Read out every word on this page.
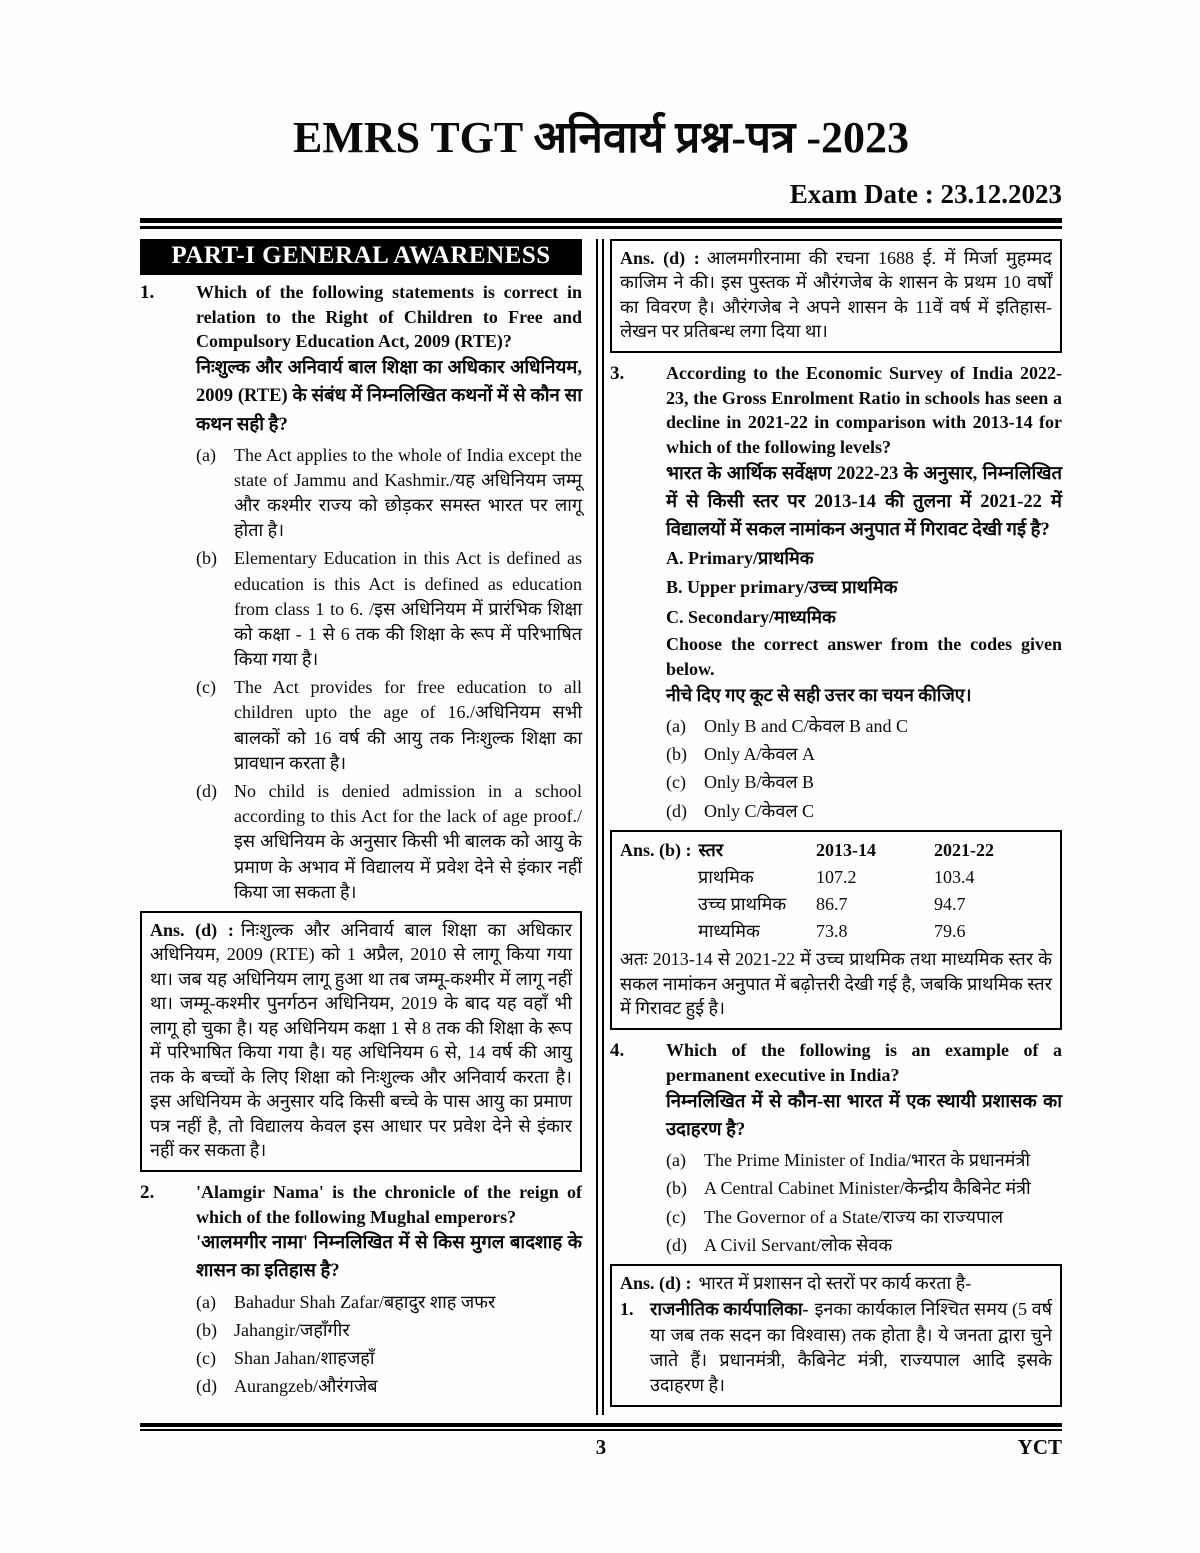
EMRS TGT अनिवार्य प्रश्न-पत्र -2023
Exam Date : 23.12.2023
PART-I GENERAL AWARENESS
1.	Which of the following statements is correct in relation to the Right of Children to Free and Compulsory Education Act, 2009 (RTE)?
निःशुल्क और अनिवार्य बाल शिक्षा का अधिकार अधिनियम, 2009 (RTE) के संबंध में निम्नलिखित कथनों में से कौन सा कथन सही है?
(a)	The Act applies to the whole of India except the state of Jammu and Kashmir./यह अधिनियम जम्मू और कश्मीर राज्य को छोड़कर समस्त भारत पर लागू होता है।
(b) Elementary Education in this Act is defined as education is this Act is defined as education from class 1 to 6. /इस अधिनियम में प्रारंभिक शिक्षा को कक्षा - 1 से 6 तक की शिक्षा के रूप में परिभाषित किया गया है।
(c)	The Act provides for free education to all children upto the age of 16./अधिनियम सभी बालकों को 16 वर्ष की आयु तक निःशुल्क शिक्षा का प्रावधान करता है।
(d) No child is denied admission in a school according to this Act for the lack of age proof./इस अधिनियम के अनुसार किसी भी बालक को आयु के प्रमाण के अभाव में विद्यालय में प्रवेश देने से इंकार नहीं किया जा सकता है।

Ans. (d) : निःशुल्क और अनिवार्य बाल शिक्षा का अधिकार अधिनियम, 2009 (RTE) को 1 अप्रैल, 2010 से लागू किया गया था। जब यह अधिनियम लागू हुआ था तब जम्मू-कश्मीर में लागू नहीं था। जम्मू-कश्मीर पुनर्गठन अधिनियम, 2019 के बाद यह वहाँ भी लागू हो चुका है। यह अधिनियम कक्षा 1 से 8 तक की शिक्षा के रूप में परिभाषित किया गया है। यह अधिनियम 6 से, 14 वर्ष की आयु तक के बच्चों के लिए शिक्षा को निःशुल्क और अनिवार्य करता है। इस अधिनियम के अनुसार यदि किसी बच्चे के पास आयु का प्रमाण पत्र नहीं है, तो विद्यालय केवल इस आधार पर प्रवेश देने से इंकार नहीं कर सकता है।

2.	'Alamgir Nama' is the chronicle of the reign of which of the following Mughal emperors?
'आलमगीर नामा' निम्नलिखित में से किस मुगल बादशाह के शासन का इतिहास है?
(a)	Bahadur Shah Zafar/बहादुर शाह जफर
(b) Jahangir/जहाँगीर
(c)	Shan Jahan/शाहजहाँ
(d) Aurangzeb/औरंगजेब

Ans. (d) : आलमगीरनामा की रचना 1688 ई. में मिर्जा मुहम्मद काजिम ने की। इस पुस्तक में औरंगजेब के शासन के प्रथम 10 वर्षों का विवरण है। औरंगजेब ने अपने शासन के 11वें वर्ष में इतिहास-लेखन पर प्रतिबन्ध लगा दिया था।

3.	According to the Economic Survey of India 2022-23, the Gross Enrolment Ratio in schools has seen a decline in 2021-22 in comparison with 2013-14 for which of the following levels?
भारत के आर्थिक सर्वेक्षण 2022-23 के अनुसार, निम्नलिखित में से किसी स्तर पर 2013-14 की तुलना में 2021-22 में विद्यालयों में सकल नामांकन अनुपात में गिरावट देखी गई है?
A. Primary/प्राथमिक
B. Upper primary/उच्च प्राथमिक
C. Secondary/माध्यमिक
Choose the correct answer from the codes given below.
नीचे दिए गए कूट से सही उत्तर का चयन कीजिए।
(a)	Only B and C/केवल B and C
(b) Only A/केवल A
(c)	Only B/केवल B
(d) Only C/केवल C
Ans. (b) : स्तर	2013-14	2021-22
प्राथमिक	107.2	103.4
उच्च प्राथमिक	86.7	94.7
माध्यमिक	73.8	79.6

अतः 2013-14 से 2021-22 में उच्च प्राथमिक तथा माध्यमिक स्तर के सकल नामांकन अनुपात में बढ़ोत्तरी देखी गई है, जबकि प्राथमिक स्तर में गिरावट हुई है।

4.	Which of the following is an example of a permanent executive in India?
निम्नलिखित में से कौन-सा भारत में एक स्थायी प्रशासक का उदाहरण है?
(a)	The Prime Minister of India/भारत के प्रधानमंत्री
(b) A Central Cabinet Minister/केन्द्रीय कैबिनेट मंत्री
(c)	The Governor of a State/राज्य का राज्यपाल
(d) A Civil Servant/लोक सेवक

Ans. (d) : भारत में प्रशासन दो स्तरों पर कार्य करता है-

1. राजनीतिक कार्यपालिका- इनका कार्यकाल निश्चित समय (5 वर्ष या जब तक सदन का विश्वास) तक होता है। ये जनता द्वारा चुने जाते हैं। प्रधानमंत्री, कैबिनेट मंत्री, राज्यपाल आदि इसके उदाहरण है।
3	YCT
